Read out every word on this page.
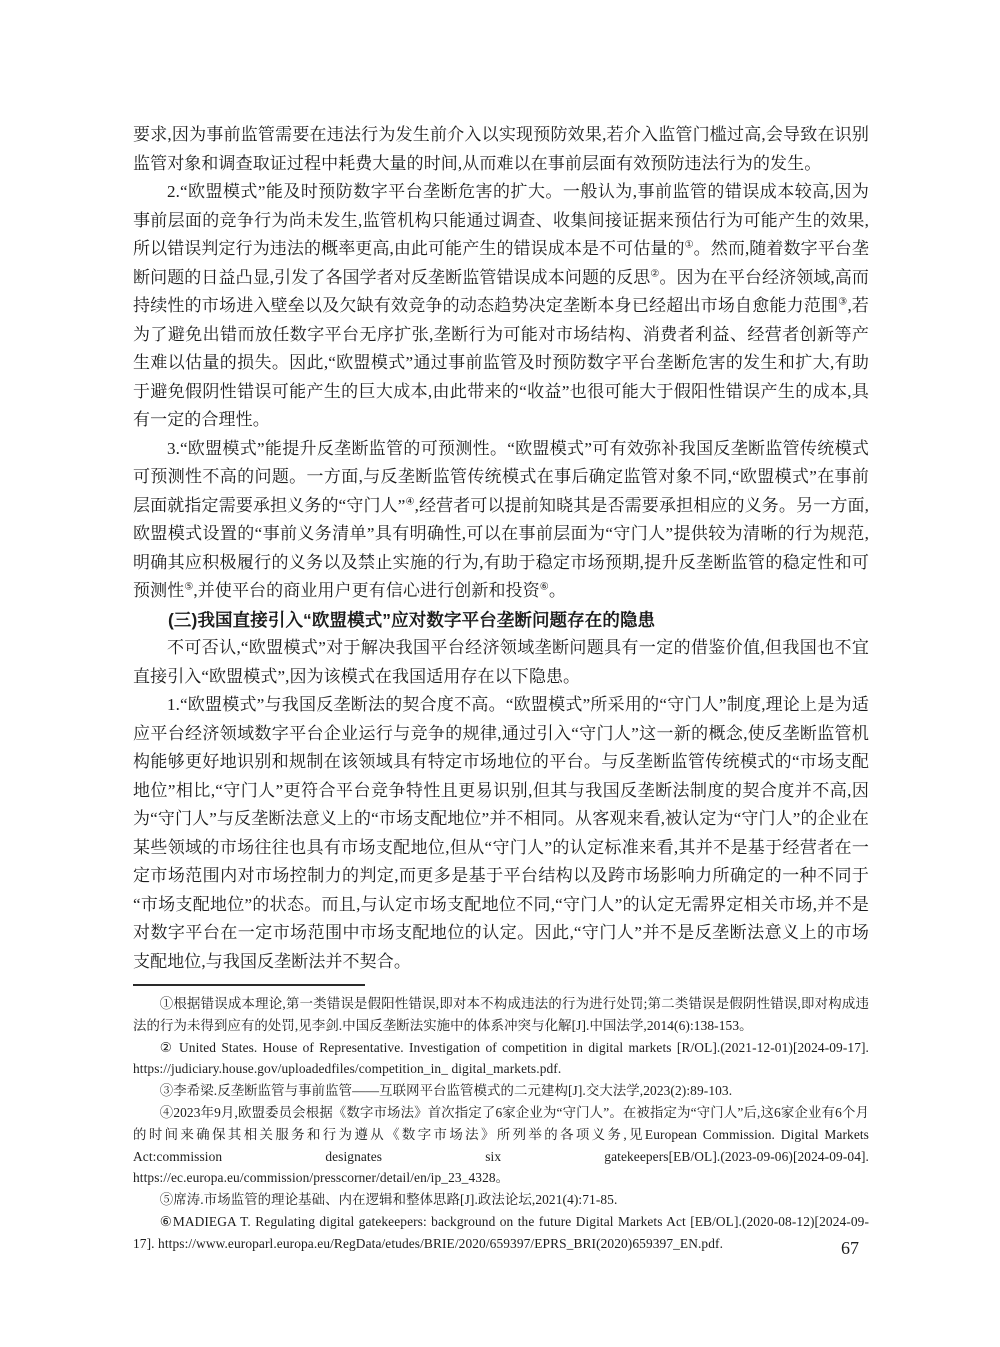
要求,因为事前监管需要在违法行为发生前介入以实现预防效果,若介入监管门槛过高,会导致在识别监管对象和调查取证过程中耗费大量的时间,从而难以在事前层面有效预防违法行为的发生。

2.“欧盟模式”能及时预防数字平台垄断危害的扩大。一般认为,事前监管的错误成本较高,因为事前层面的竞争行为尚未发生,监管机构只能通过调查、收集间接证据来预估行为可能产生的效果,所以错误判定行为违法的概率更高,由此可能产生的错误成本是不可估量的①。然而,随着数字平台垄断问题的日益凸显,引发了各国学者对反垄断监管错误成本问题的反思②。因为在平台经济领域,高而持续性的市场进入壁垒以及欠缺有效竞争的动态趋势决定垄断本身已经超出市场自愈能力范围③,若为了避免出错而放任数字平台无序扩张,垄断行为可能对市场结构、消费者利益、经营者创新等产生难以估量的损失。因此,“欧盟模式”通过事前监管及时预防数字平台垄断危害的发生和扩大,有助于避免假阴性错误可能产生的巨大成本,由此带来的“收益”也很可能大于假阳性错误产生的成本,具有一定的合理性。

3.“欧盟模式”能提升反垄断监管的可预测性。“欧盟模式”可有效弥补我国反垄断监管传统模式可预测性不高的问题。一方面,与反垄断监管传统模式在事后确定监管对象不同,“欧盟模式”在事前层面就指定需要承担义务的“守门人”④,经营者可以提前知晓其是否需要承担相应的义务。另一方面,欧盟模式设置的“事前义务清单”具有明确性,可以在事前层面为“守门人”提供较为清晰的行为规范,明确其应积极履行的义务以及禁止实施的行为,有助于稳定市场预期,提升反垄断监管的稳定性和可预测性⑤,并使平台的商业用户更有信心进行创新和投资⑥。

(三)我国直接引入“欧盟模式”应对数字平台垄断问题存在的隐患

不可否认,“欧盟模式”对于解决我国平台经济领域垄断问题具有一定的借鉴价值,但我国也不宜直接引入“欧盟模式”,因为该模式在我国适用存在以下隐患。

1.“欧盟模式”与我国反垄断法的契合度不高。“欧盟模式”所采用的“守门人”制度,理论上是为适应平台经济领域数字平台企业运行与竞争的规律,通过引入“守门人”这一新的概念,使反垄断监管机构能够更好地识别和规制在该领域具有特定市场地位的平台。与反垄断监管传统模式的“市场支配地位”相比,“守门人”更符合平台竞争特性且更易识别,但其与我国反垄断法制度的契合度并不高,因为“守门人”与反垄断法意义上的“市场支配地位”并不相同。从客观来看,被认定为“守门人”的企业在某些领域的市场往往也具有市场支配地位,但从“守门人”的认定标准来看,其并不是基于经营者在一定市场范围内对市场控制力的判定,而更多是基于平台结构以及跨市场影响力所确定的一种不同于“市场支配地位”的状态。而且,与认定市场支配地位不同,“守门人”的认定无需界定相关市场,并不是对数字平台在一定市场范围中市场支配地位的认定。因此,“守门人”并不是反垄断法意义上的市场支配地位,与我国反垄断法并不契合。

①根据错误成本理论,第一类错误是假阳性错误,即对本不构成违法的行为进行处罚;第二类错误是假阴性错误,即对构成违法的行为未得到应有的处罚,见李剑.中国反垄断法实施中的体系冲突与化解[J].中国法学,2014(6):138-153。

② United States. House of Representative. Investigation of competition in digital markets [R/OL].(2021-12-01)[2024-09-17]. https://judiciary.house.gov/uploadedfiles/competition_in_ digital_markets.pdf.

③李希梁.反垄断监管与事前监管——互联网平台监管模式的二元建构[J].交大法学,2023(2):89-103.

④2023年9月,欧盟委员会根据《数字市场法》首次指定了6家企业为“守门人”。在被指定为“守门人”后,这6家企业有6个月的时间来确保其相关服务和行为遵从《数字市场法》所列举的各项义务,见European Commission. Digital Markets Act:commission designates six gatekeepers[EB/OL].(2023-09-06)[2024-09-04]. https://ec.europa.eu/commission/presscorner/detail/en/ip_23_4328。

⑤席涛.市场监管的理论基础、内在逻辑和整体思路[J].政法论坛,2021(4):71-85.

⑥MADIEGA T. Regulating digital gatekeepers: background on the future Digital Markets Act [EB/OL].(2020-08-12)[2024-09-17]. https://www.europarl.europa.eu/RegData/etudes/BRIE/2020/659397/EPRS_BRI(2020)659397_EN.pdf.	67
